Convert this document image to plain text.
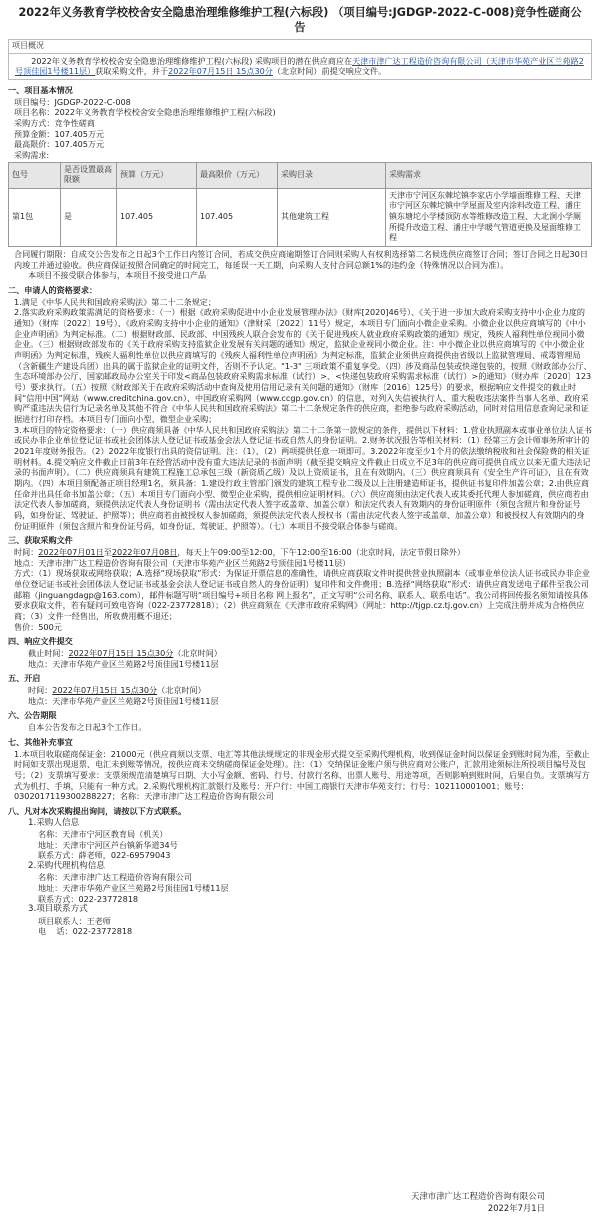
2022年义务教育学校校舍安全隐患治理维修维护工程(六标段) （项目编号:JGDGP-2022-C-008)竞争性磋商公告
项目概况

2022年义务教育学校校舍安全隐患治理维修维护工程(六标段) 采购项目的潜在供应商应在天津市津广达工程造价咨询有限公司（天津市华苑产业区兰苑路2号顶佳园1号楼11层）获取采购文件，并于2022年07月15日 15点30分（北京时间）前提交响应文件。

一、项目基本情况
项目编号：JGDGP-2022-C-008
项目名称：2022年义务教育学校校舍安全隐患治理维修维护工程(六标段)
采购方式：竞争性磋商
预算金额：107.405万元
最高限价：107.405万元
采购需求:
包号	是否设置最高限额	预算（万元）	最高限价（万元）	采购目录	采购需求
第1包	是	107.405	107.405	其他建筑工程	天津市宁河区东棘坨镇李家店小学墙面维修工程、天津市宁河区东棘坨镇中学屋面及室内涂料改造工程、潘庄镇东塘坨小学楼顶防水等维修改造工程、大北涧小学厕所提升改造工程、潘庄中学暖气管道更换及屋面维修工程
合同履行期限：自成交公告发布之日起3个工作日内签订合同，若成交供应商逾期签订合同则采购人有权利选择第二名候选供应商签订合同；签订合同之日起30日内竣工并通过验收。供应商保证按照合同确定的时间完工，每延误一天工期，向采购人支付合同总额1%的违约金（特殊情况以合同为准）。
本项目不接受联合体参与，本项目不接受进口产品
二、申请人的资格要求：
1.满足《中华人民共和国政府采购法》第二十二条规定；
2.落实政府采购政策需满足的资格要求：（一）根据《政府采购促进中小企业发展管理办法》（财库[2020]46号）、《关于进一步加大政府采购支持中小企业力度的通知》（财库〔2022〕19号）、《政府采购支持中小企业的通知》（津财采〔2022〕11号）规定，本项目专门面向小微企业采购。小微企业以供应商填写的《中小企业声明函》为判定标准。（二）根据财政部、民政部、中国残疾人联合会发布的《关于促进残疾人就业政府采购政策的通知》规定，残疾人福利性单位视同小微企业。（三）根据财政部发布的《关于政府采购支持监狱企业发展有关问题的通知》规定，监狱企业视同小微企业。注：中小微企业以供应商填写的《中小微企业声明函》为判定标准，残疾人福利性单位以供应商填写的《残疾人福利性单位声明函》为判定标准，监狱企业须供应商提供由省级以上监狱管理局、戒毒管理局（含新疆生产建设兵团）出具的属于监狱企业的证明文件，否则不予认定。"1-3" 三项政策不重复享受。（四）涉及商品包装或快递包装的，按照《财政部办公厅、生态环境部办公厅、国家邮政局办公室关于印发<商品包装政府采购需求标准（试行）>、<快递包装政府采购需求标准（试行）>的通知》（财办库〔2020〕123号）要求执行。（五）按照《财政部关于在政府采购活动中查询及使用信用记录有关问题的通知》（财库〔2016〕125号）的要求，根据响应文件提交的截止时间“信用中国”网站（www.creditchina.gov.cn）、中国政府采购网（www.ccgp.gov.cn）的信息，对列入失信被执行人、重大税收违法案件当事人名单、政府采购严重违法失信行为记录名单及其他不符合《中华人民共和国政府采购法》第二十二条规定条件的供应商，拒绝参与政府采购活动，同时对信用信息查询记录和证据进行打印存档。本项目专门面向小型、微型企业采购；
3.本项目的特定资格要求：（一）供应商须具备《中华人民共和国政府采购法》第二十二条第一款规定的条件，提供以下材料：1.营业执照副本或事业单位法人证书或民办非企业单位登记证书或社会团体法人登记证书或基金会法人登记证书或自然人的身份证明。2.财务状况报告等相关材料：（1）经第三方会计师事务所审计的2021年度财务报告。（2）2022年度银行出具的资信证明。注：（1）、（2）两项提供任意一项即可。3.2022年度至少1个月的依法缴纳税收和社会保险费的相关证明材料。4.提交响应文件截止日前3年在经营活动中没有重大违法记录的书面声明（截至提交响应文件截止日成立不足3年的供应商可提供自成立以来无重大违法记录的书面声明）。（二）供应商须具有建筑工程施工总承包三级（新资质乙级）及以上资质证书，且在有效期内。（三）供应商须具有《安全生产许可证》，且在有效期内。（四）本项目须配备正项目经理1名，须具备：1.建设行政主管部门颁发的建筑工程专业二级及以上注册建造师证书，提供证书复印件加盖公章；2.由供应商任命并出具任命书加盖公章；（五）本项目专门面向小型、微型企业采购，提供相应证明材料。（六）供应商须由法定代表人或其委托代理人参加磋商，供应商若由法定代表人参加磋商，须提供法定代表人身份证明书（需由法定代表人签字或盖章、加盖公章）和法定代表人有效期内的身份证明原件（须包含照片和身份证号码，如身份证、驾驶证、护照等）；供应商若由被授权人参加磋商，须提供法定代表人授权书（需由法定代表人签字或盖章、加盖公章）和被授权人有效期内的身份证明原件（须包含照片和身份证号码，如身份证、驾驶证、护照等）。（七）本项目不接受联合体参与磋商。
三、获取采购文件
时间：2022年07月01日至2022年07月08日，每天上午09:00至12:00，下午12:00至16:00（北京时间，法定节假日除外）
地点：天津市津广达工程造价咨询有限公司（天津市华苑产业区兰苑路2号顶佳园1号楼11层）
方式：（1）现场获取或网络获取；A.选择“现场获取”形式：为保证开票信息的准确性，请供应商获取文件时提供营业执照副本（或事业单位法人证书或民办非企业单位登记证书或社会团体法人登记证书或基金会法人登记证书或自然人的身份证明）复印件和文件费用；B.选择“网络获取”形式：请供应商发送电子邮件至我公司邮箱（jinguangdagp@163.com），邮件标题写明“项目编号+项目名称 网上报名”，正文写明“公司名称、联系人、联系电话”。我公司将回传报名须知请按具体要求获取文件，若有疑问可致电咨询（022-23772818）；（2）供应商须在《天津市政府采购网》（网址：http://tjgp.cz.tj.gov.cn）上完成注册并成为合格供应商；（3）文件一经售出，所收费用概不退还；
售价：500元
四、响应文件提交
截止时间：2022年07月15日 15点30分（北京时间）
地点：天津市华苑产业区兰苑路2号顶佳园1号楼11层
五、开启
时间：2022年07月15日 15点30分（北京时间）
地点：天津市华苑产业区兰苑路2号顶佳园1号楼11层
六、公告期限
自本公告发布之日起3个工作日。
七、其他补充事宜
1.本项目收取磋商保证金：21000元（供应商须以支票、电汇等其他法规规定的非现金形式提交至采购代理机构，收到保证金时间以保证金到账时间为准，至截止时间如支票出现退票、电汇未到账等情况，按供应商未交纳磋商保证金处理）。注：（1）交纳保证金账户须与供应商对公账户，汇款用途须标注所投项目编号及包号；（2）支票填写要求：支票须规范清楚填写日期、大小写金额、密码、行号、付款行名称、出票人账号、用途等项，否则影响到账时间，后果自负。支票填写方式为机打、手填，只能有一种方式。2.采购代理机构汇款银行及账号：开户行：中国工商银行天津市华苑支行；行号：102110001001；账号：0302017119300288227；名称：天津市津广达工程造价咨询有限公司
八、凡对本次采购提出询问，请按以下方式联系。
1.采购人信息
名称：天津市宁河区教育局（机关）
地址：天津市宁河区芦台镇新华道34号
联系方式：薛老师，022-69579043
2.采购代理机构信息
名称：天津市津广达工程造价咨询有限公司
地址：天津市华苑产业区兰苑路2号顶佳园1号楼11层
联系方式：022-23772818
3.项目联系方式
项目联系人：王老师
电    话：022-23772818
天津市津广达工程造价咨询有限公司
2022年7月1日
